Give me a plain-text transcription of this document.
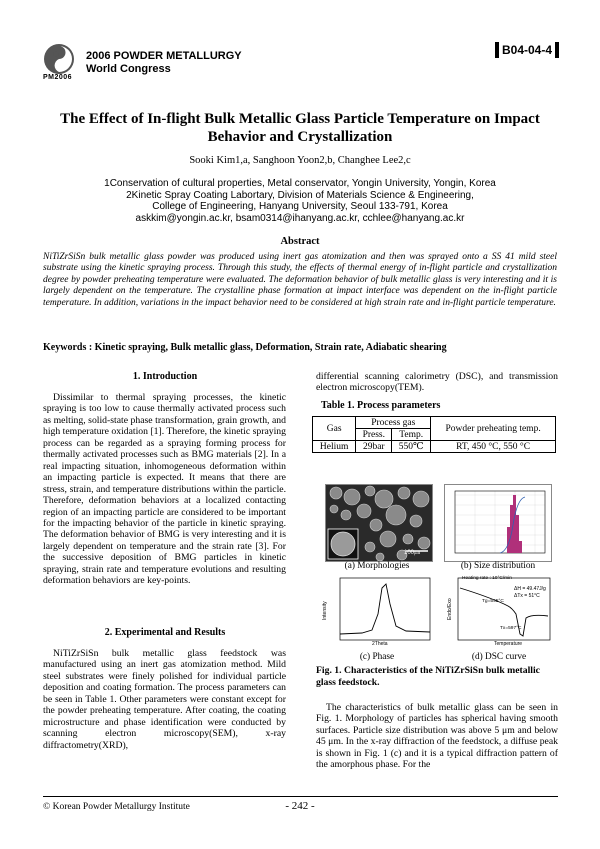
PM2006
2006 POWDER METALLURGY
World Congress
B04-04-4
The Effect of In-flight Bulk Metallic Glass Particle Temperature on Impact
Behavior and Crystallization
Sooki Kim1,a, Sanghoon Yoon2,b, Changhee Lee2,c
1Conservation of cultural properties, Metal conservator, Yongin University, Yongin, Korea
2Kinetic Spray Coating Labortary, Division of Materials Science & Engineering,
College of Engineering, Hanyang University, Seoul 133-791, Korea
askkim@yongin.ac.kr, bsam0314@ihanyang.ac.kr, cchlee@hanyang.ac.kr
Abstract
NiTiZrSiSn bulk metallic glass powder was produced using inert gas atomization and then was sprayed onto a SS 41 mild steel substrate using the kinetic spraying process. Through this study, the effects of thermal energy of in-flight particle and crystallization degree by powder preheating temperature were evaluated. The deformation behavior of bulk metallic glass is very interesting and it is largely dependent on the temperature. The crystalline phase formation at impact interface was dependent on the in-flight particle temperature. In addition, variations in the impact behavior need to be considered at high strain rate and in-flight particle temperature.
Keywords : Kinetic spraying, Bulk metallic glass, Deformation, Strain rate, Adiabatic shearing
1. Introduction
Dissimilar to thermal spraying processes, the kinetic spraying is too low to cause thermally activated process such as melting, solid-state phase transformation, grain growth, and high temperature oxidation [1]. Therefore, the kinetic spraying process can be regarded as a spraying forming process for thermally activated processes such as BMG materials [2]. In a real impacting situation, inhomogeneous deformation within an impacting particle is expected. It means that there are stress, strain, and temperature distributions within the particle. Therefore, deformation behaviors at a localized contacting region of an impacting particle are considered to be important for the impacting behavior of the particle in kinetic spraying. The deformation behavior of BMG is very interesting and it is largely dependent on temperature and the strain rate [3]. For the successive deposition of BMG particles in kinetic spraying, strain rate and temperature evolutions and resulting deformation behaviors are key-points.
2. Experimental and Results
NiTiZrSiSn bulk metallic glass feedstock was manufactured using an inert gas atomization method. Mild steel substrates were finely polished for individual particle deposition and coating formation. The process parameters can be seen in Table 1. Other parameters were constant except for the powder preheating temperature. After coating, the coating microstructure and phase identification were conducted by scanning electron microscopy(SEM), x-ray diffractometry(XRD),
differential scanning calorimetry (DSC), and transmission electron microscopy(TEM).
Table 1. Process parameters
Gas	Process gas		Powder preheating temp.
	Press.	Temp.	
Helium	29bar	550℃	RT, 450 °C, 550 °C
100㎛
(a) Morphologies	(b) Size distribution
Intensity
2Theta
Heating rate : 10°C/min
ΔH = 49.47J/g
ΔTx = 51°C
Tg=545°C
Tx=597°C
Endo/Exo
Temperature
(c) Phase	(d) DSC curve
Fig. 1. Characteristics of the NiTiZrSiSn bulk metallic glass feedstock.
The characteristics of bulk metallic glass can be seen in Fig. 1. Morphology of particles has spherical having smooth surfaces. Particle size distribution was above 5 μm and below 45 μm. In the x-ray diffraction of the feedstock, a diffuse peak is shown in Fig. 1 (c) and it is a typical diffraction pattern of the amorphous phase. For the
© Korean Powder Metallurgy Institute	- 242 -
